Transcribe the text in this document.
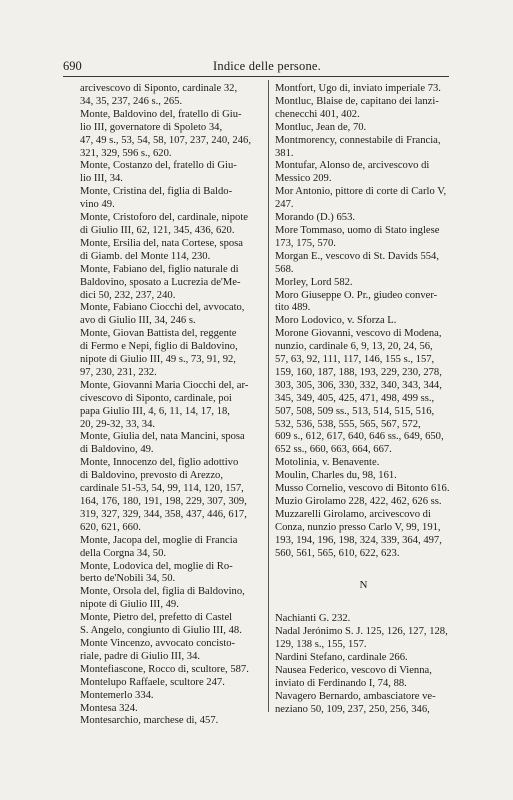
690	Indice delle persone.
arcivescovo di Siponto, cardinale 32,
34, 35, 237, 246 s., 265.
Monte, Baldovino del, fratello di Giu-
lio III, governatore di Spoleto 34,
47, 49 s., 53, 54, 58, 107, 237, 240, 246,
321, 329, 596 s., 620.
Monte, Costanzo del, fratello di Giu-
lio III, 34.
Monte, Cristina del, figlia di Baldo-
vino 49.
Monte, Cristoforo del, cardinale, nipote
di Giulio III, 62, 121, 345, 436, 620.
Monte, Ersilia del, nata Cortese, sposa
di Giamb. del Monte 114, 230.
Monte, Fabiano del, figlio naturale di
Baldovino, sposato a Lucrezia de'Me-
dici 50, 232, 237, 240.
Monte, Fabiano Ciocchi del, avvocato,
avo di Giulio III, 34, 246 s.
Monte, Giovan Battista del, reggente
di Fermo e Nepi, figlio di Baldovino,
nipote di Giulio III, 49 s., 73, 91, 92,
97, 230, 231, 232.
Monte, Giovanni Maria Ciocchi del, ar-
civescovo di Siponto, cardinale, poi
papa Giulio III, 4, 6, 11, 14, 17, 18,
20, 29-32, 33, 34.
Monte, Giulia del, nata Mancini, sposa
di Baldovino, 49.
Monte, Innocenzo del, figlio adottivo
di Baldovino, prevosto di Arezzo,
cardinale 51-53, 54, 99, 114, 120, 157,
164, 176, 180, 191, 198, 229, 307, 309,
319, 327, 329, 344, 358, 437, 446, 617,
620, 621, 660.
Monte, Jacopa del, moglie di Francia
della Corgna 34, 50.
Monte, Lodovica del, moglie di Ro-
berto de'Nobili 34, 50.
Monte, Orsola del, figlia di Baldovino,
nipote di Giulio III, 49.
Monte, Pietro del, prefetto di Castel
S. Angelo, congiunto di Giulio III, 48.
Monte Vincenzo, avvocato concisto-
riale, padre di Giulio III, 34.
Montefiascone, Rocco di, scultore, 587.
Montelupo Raffaele, scultore 247.
Montemerlo 334.
Montesa 324.
Montesarchio, marchese di, 457.
Montfort, Ugo di, inviato imperiale 73.
Montluc, Blaise de, capitano dei lanzi-
chenecchi 401, 402.
Montluc, Jean de, 70.
Montmorency, connestabile di Francia,
381.
Montufar, Alonso de, arcivescovo di
Messico 209.
Mor Antonio, pittore di corte di Carlo V,
247.
Morando (D.) 653.
More Tommaso, uomo di Stato inglese
173, 175, 570.
Morgan E., vescovo di St. Davids 554,
568.
Morley, Lord 582.
Moro Giuseppe O. Pr., giudeo conver-
tito 489.
Moro Lodovico, v. Sforza L.
Morone Giovanni, vescovo di Modena,
nunzio, cardinale 6, 9, 13, 20, 24, 56,
57, 63, 92, 111, 117, 146, 155 s., 157,
159, 160, 187, 188, 193, 229, 230, 278,
303, 305, 306, 330, 332, 340, 343, 344,
345, 349, 405, 425, 471, 498, 499 ss.,
507, 508, 509 ss., 513, 514, 515, 516,
532, 536, 538, 555, 565, 567, 572,
609 s., 612, 617, 640, 646 ss., 649, 650,
652 ss., 660, 663, 664, 667.
Motolinia, v. Benavente.
Moulin, Charles du, 98, 161.
Musso Cornelio, vescovo di Bitonto 616.
Muzio Girolamo 228, 422, 462, 626 ss.
Muzzarelli Girolamo, arcivescovo di
Conza, nunzio presso Carlo V, 99, 191,
193, 194, 196, 198, 324, 339, 364, 497,
560, 561, 565, 610, 622, 623.
N
Nachianti G. 232.
Nadal Jerónimo S. J. 125, 126, 127, 128,
129, 138 s., 155, 157.
Nardini Stefano, cardinale 266.
Nausea Federico, vescovo di Vienna,
inviato di Ferdinando I, 74, 88.
Navagero Bernardo, ambasciatore ve-
neziano 50, 109, 237, 250, 256, 346,
